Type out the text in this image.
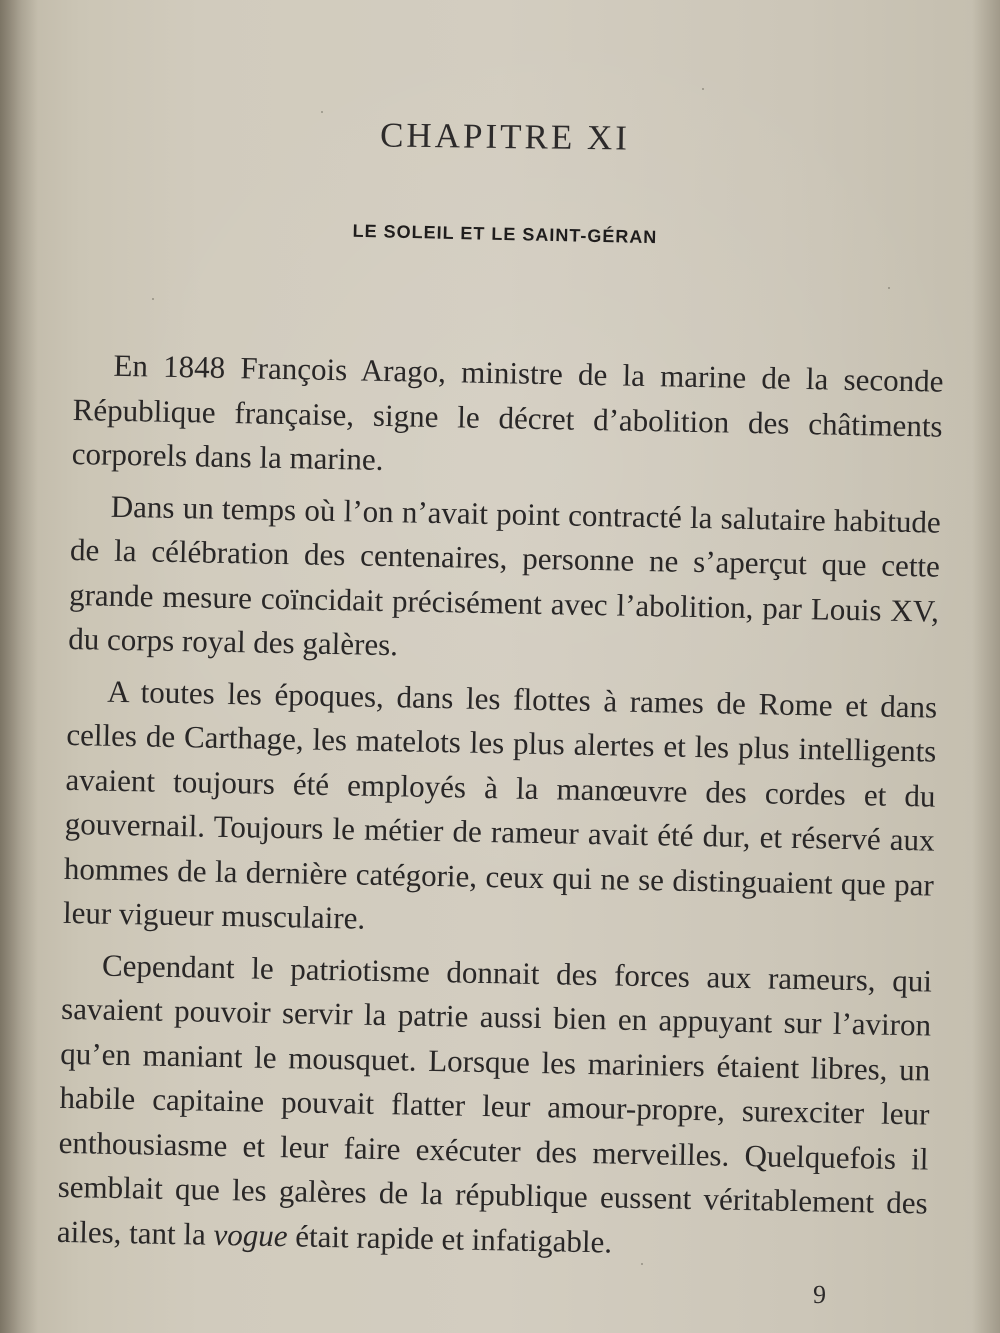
CHAPITRE XI
LE SOLEIL ET LE SAINT-GÉRAN

En 1848 François Arago, ministre de la marine de la seconde République française, signe le décret d’abolition des châtiments corporels dans la marine.

Dans un temps où l’on n’avait point contracté la salutaire habitude de la célébration des centenaires, personne ne s’aperçut que cette grande mesure coïncidait précisément avec l’abolition, par Louis XV, du corps royal des galères.

A toutes les époques, dans les flottes à rames de Rome et dans celles de Carthage, les matelots les plus alertes et les plus intelligents avaient toujours été employés à la manœuvre des cordes et du gouvernail. Toujours le métier de rameur avait été dur, et réservé aux hommes de la dernière catégorie, ceux qui ne se distinguaient que par leur vigueur musculaire.

Cependant le patriotisme donnait des forces aux rameurs, qui savaient pouvoir servir la patrie aussi bien en appuyant sur l’aviron qu’en maniant le mousquet. Lorsque les mariniers étaient libres, un habile capitaine pouvait flatter leur amour-propre, surexciter leur enthousiasme et leur faire exécuter des merveilles. Quelquefois il semblait que les galères de la république eussent véritablement des ailes, tant la vogue était rapide et infatigable.

9
